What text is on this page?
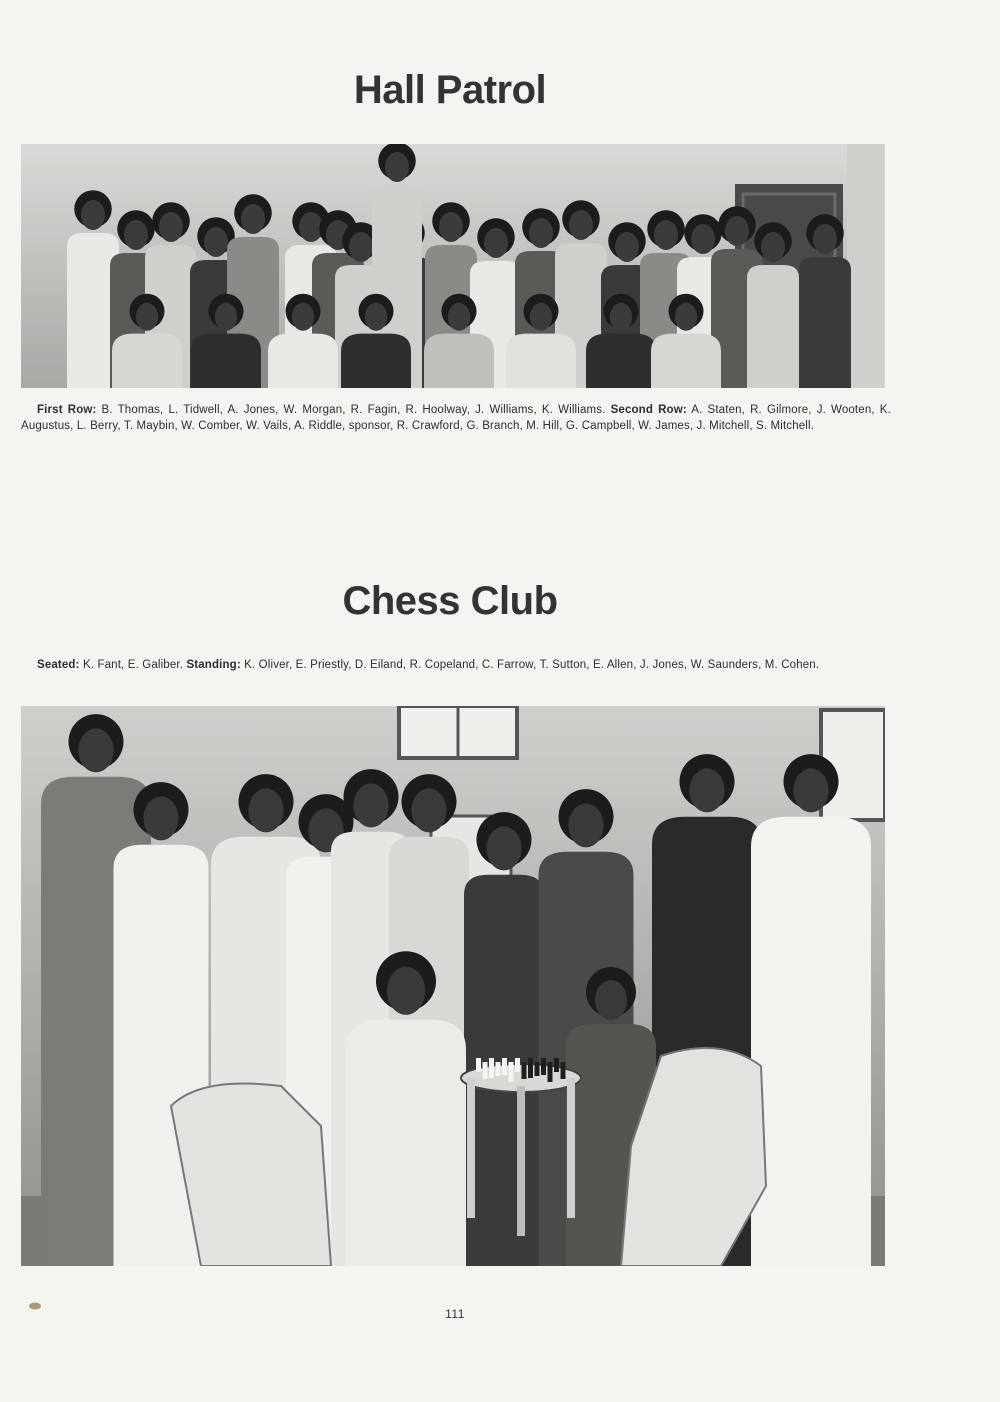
Hall Patrol

First Row: B. Thomas, L. Tidwell, A. Jones, W. Morgan, R. Fagin, R. Hoolway, J. Williams, K. Williams. Second Row: A. Staten, R. Gilmore, J. Wooten, K. Augustus, L. Berry, T. Maybin, W. Comber, W. Vails, A. Riddle, sponsor, R. Crawford, G. Branch, M. Hill, G. Campbell, W. James, J. Mitchell, S. Mitchell.

Chess Club

Seated: K. Fant, E. Galiber. Standing: K. Oliver, E. Priestly, D. Eiland, R. Copeland, C. Farrow, T. Sutton, E. Allen, J. Jones, W. Saunders, M. Cohen.

111
